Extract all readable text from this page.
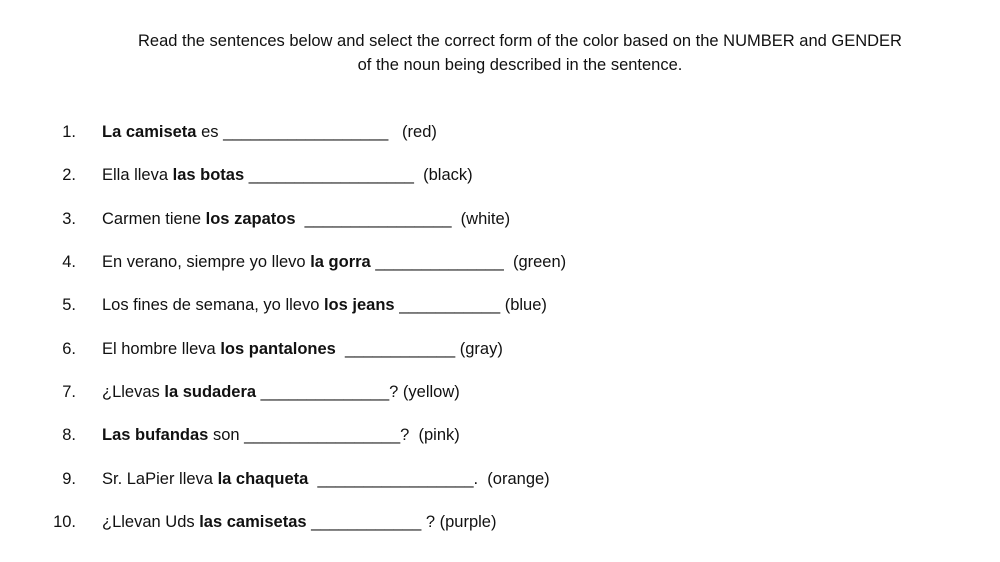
Read the sentences below and select the correct form of the color based on the NUMBER and GENDER
of the noun being described in the sentence.
1. La camiseta es __________________   (red)
2. Ella lleva las botas __________________  (black)
3. Carmen tiene los zapatos ________________  (white)
4. En verano, siempre yo llevo la gorra ______________  (green)
5. Los fines de semana, yo llevo los jeans ___________ (blue)
6. El hombre lleva los pantalones ____________ (gray)
7. ¿Llevas la sudadera ______________? (yellow)
8. Las bufandas son _________________?  (pink)
9. Sr. LaPier lleva la chaqueta _________________.  (orange)
10. ¿Llevan Uds las camisetas ____________ ? (purple)
